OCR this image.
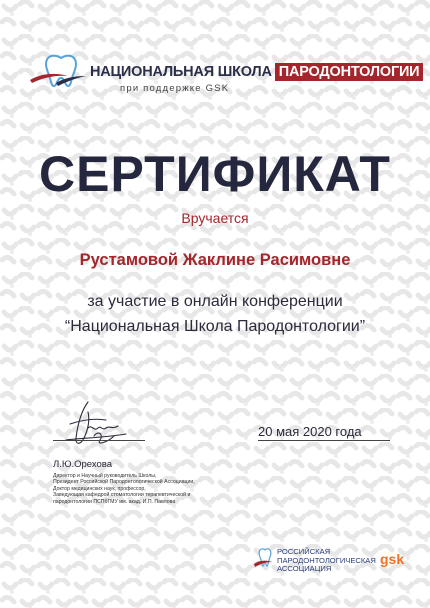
НАЦИОНАЛЬНАЯ ШКОЛА ПАРОДОНТОЛОГИИ
при поддержке GSK
СЕРТИФИКАТ
Вручается
Рустамовой Жаклине Расимовне
за участие в онлайн конференции
“Национальная Школа Пародонтологии”
Л.Ю.Орехова
Директор и Научный руководитель Школы,
Президент Российской Пародонтологической Ассоциации,
Доктор медицинских наук, профессор,
Заведующая кафедрой стоматологии терапевтической и
пародонтологии ПСПбГМУ им. акад. И.П. Павлова
20 мая 2020 года
РОССИЙСКАЯ
ПАРОДОНТОЛОГИЧЕСКАЯ
АССОЦИАЦИЯ
gsk
